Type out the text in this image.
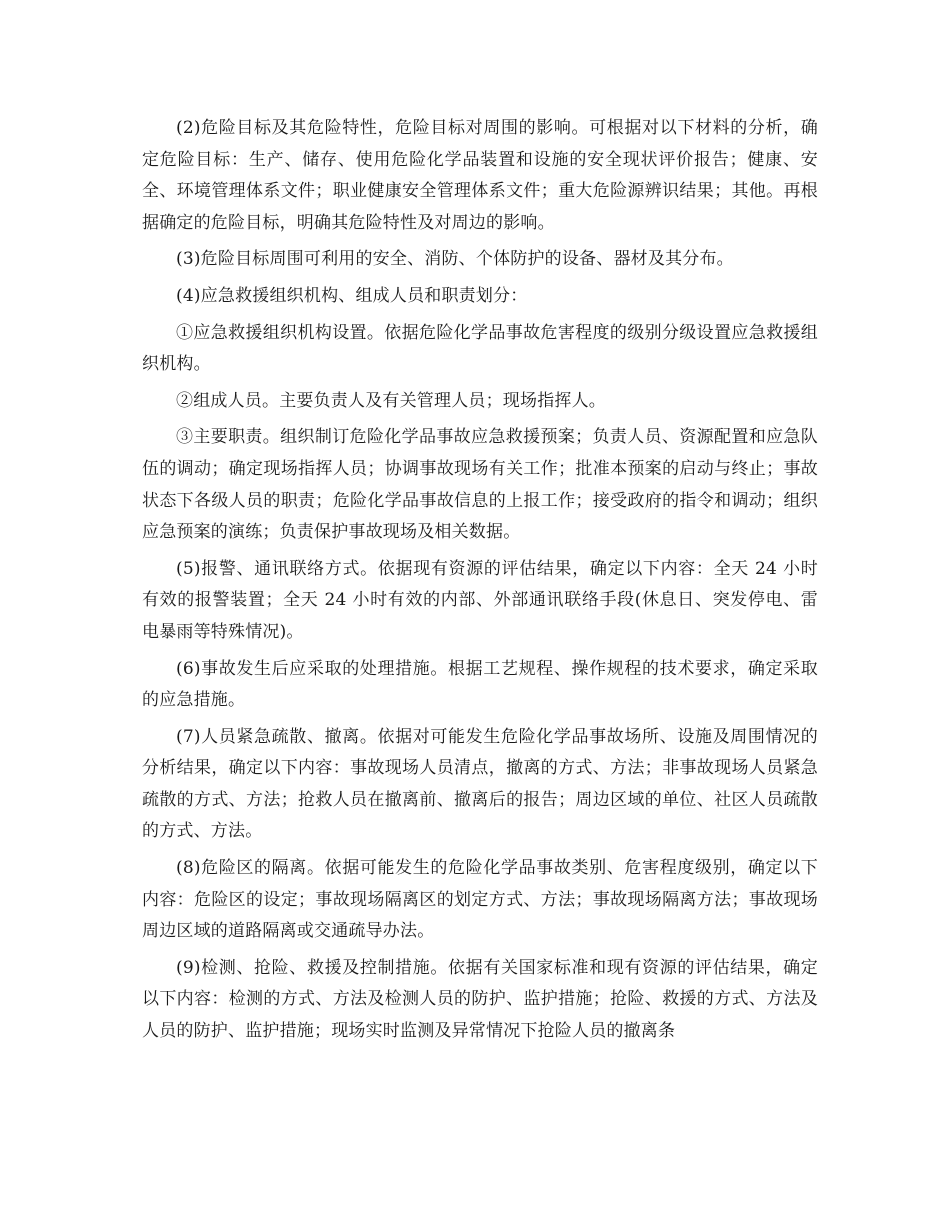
(2)危险目标及其危险特性，危险目标对周围的影响。可根据对以下材料的分析，确定危险目标：生产、储存、使用危险化学品装置和设施的安全现状评价报告；健康、安全、环境管理体系文件；职业健康安全管理体系文件；重大危险源辨识结果；其他。再根据确定的危险目标，明确其危险特性及对周边的影响。

(3)危险目标周围可利用的安全、消防、个体防护的设备、器材及其分布。

(4)应急救援组织机构、组成人员和职责划分：

①应急救援组织机构设置。依据危险化学品事故危害程度的级别分级设置应急救援组织机构。

②组成人员。主要负责人及有关管理人员；现场指挥人。

③主要职责。组织制订危险化学品事故应急救援预案；负责人员、资源配置和应急队伍的调动；确定现场指挥人员；协调事故现场有关工作；批准本预案的启动与终止；事故状态下各级人员的职责；危险化学品事故信息的上报工作；接受政府的指令和调动；组织应急预案的演练；负责保护事故现场及相关数据。

(5)报警、通讯联络方式。依据现有资源的评估结果，确定以下内容：全天 24 小时有效的报警装置；全天 24 小时有效的内部、外部通讯联络手段(休息日、突发停电、雷电暴雨等特殊情况)。

(6)事故发生后应采取的处理措施。根据工艺规程、操作规程的技术要求，确定采取的应急措施。

(7)人员紧急疏散、撤离。依据对可能发生危险化学品事故场所、设施及周围情况的分析结果，确定以下内容：事故现场人员清点，撤离的方式、方法；非事故现场人员紧急疏散的方式、方法；抢救人员在撤离前、撤离后的报告；周边区域的单位、社区人员疏散的方式、方法。

(8)危险区的隔离。依据可能发生的危险化学品事故类别、危害程度级别，确定以下内容：危险区的设定；事故现场隔离区的划定方式、方法；事故现场隔离方法；事故现场周边区域的道路隔离或交通疏导办法。

(9)检测、抢险、救援及控制措施。依据有关国家标准和现有资源的评估结果，确定以下内容：检测的方式、方法及检测人员的防护、监护措施；抢险、救援的方式、方法及人员的防护、监护措施；现场实时监测及异常情况下抢险人员的撤离条
